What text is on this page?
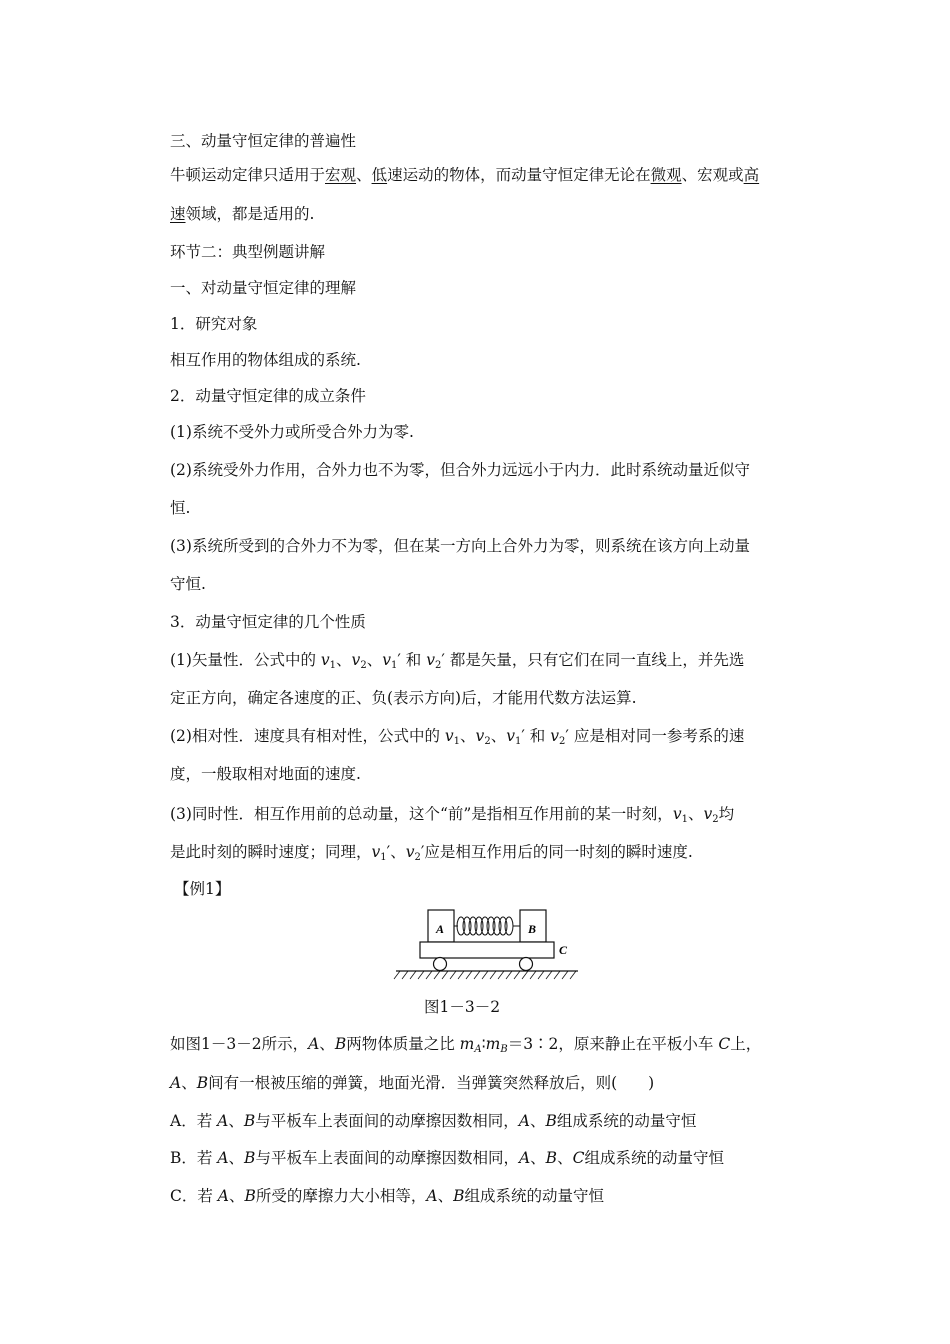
三、动量守恒定律的普遍性
牛顿运动定律只适用于宏观、低速运动的物体，而动量守恒定律无论在微观、宏观或高
速领域，都是适用的.
环节二：典型例题讲解
一、对动量守恒定律的理解
1．研究对象
相互作用的物体组成的系统.
2．动量守恒定律的成立条件
(1)系统不受外力或所受合外力为零.
(2)系统受外力作用，合外力也不为零，但合外力远远小于内力．此时系统动量近似守
恒.
(3)系统所受到的合外力不为零，但在某一方向上合外力为零，则系统在该方向上动量
守恒.
3．动量守恒定律的几个性质
(1)矢量性．公式中的 $v_1$、$v_2$、$v_1'$ 和 $v_2'$ 都是矢量，只有它们在同一直线上，并先选
定正方向，确定各速度的正、负(表示方向)后，才能用代数方法运算.
(2)相对性．速度具有相对性，公式中的 $v_1$、$v_2$、$v_1'$ 和 $v_2'$ 应是相对同一参考系的速
度，一般取相对地面的速度.
(3)同时性．相互作用前的总动量，这个“前”是指相互作用前的某一时刻，$v_1$、$v_2$均
是此时刻的瞬时速度；同理，$v_1'$、$v_2'$应是相互作用后的同一时刻的瞬时速度.
【例1】
A	B
C
图1－3－2
如图1－3－2所示，A、B两物体质量之比 $m_A∶m_B=3∶2$，原来静止在平板小车 C上，
A、B间有一根被压缩的弹簧，地面光滑．当弹簧突然释放后，则(　　)
A．若 A、B与平板车上表面间的动摩擦因数相同，A、B组成系统的动量守恒
B．若 A、B与平板车上表面间的动摩擦因数相同，A、B、C组成系统的动量守恒
C．若 A、B所受的摩擦力大小相等，A、B组成系统的动量守恒
